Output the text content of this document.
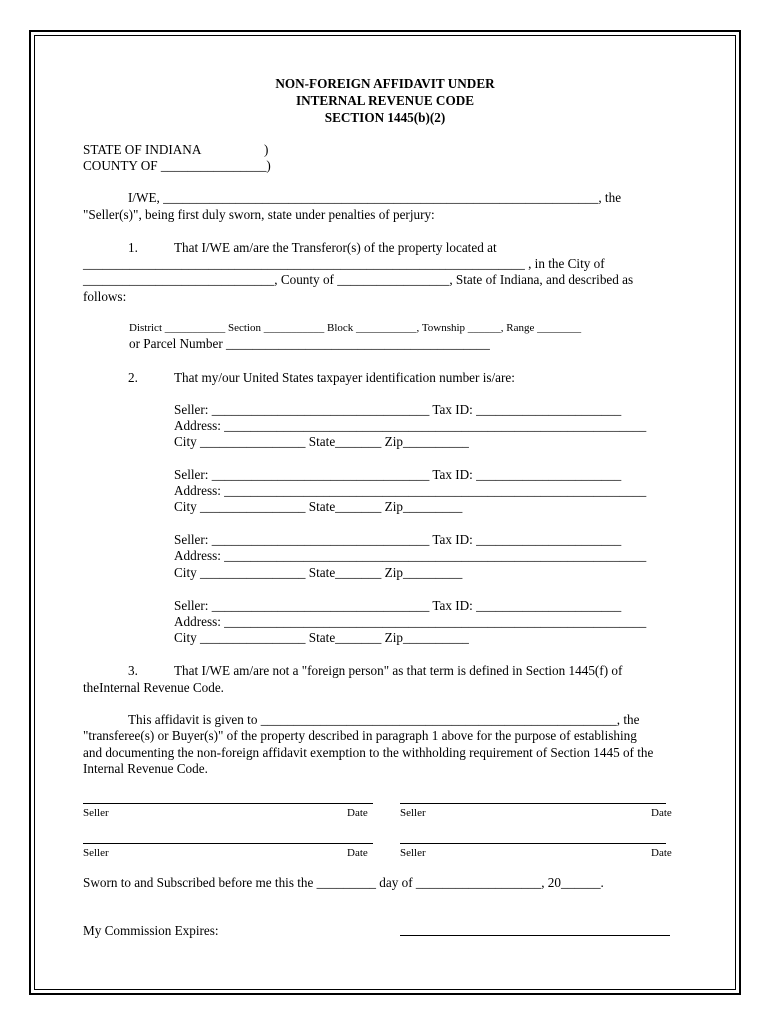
NON-FOREIGN AFFIDAVIT UNDER
INTERNAL REVENUE CODE
SECTION 1445(b)(2)
STATE OF INDIANA	)
COUNTY OF ________________)
I/WE, __________________________________________________________________, the
"Seller(s)", being first duly sworn, state under penalties of perjury:
1.	That I/WE am/are the Transferor(s) of the property located at
___________________________________________________________________ , in the City of
_____________________________, County of _________________, State of Indiana, and described as
follows:
District ___________ Section ___________ Block ___________, Township ______, Range ________
or Parcel Number ________________________________________
2.	That my/our United States taxpayer identification number is/are:
Seller: _________________________________ Tax ID: ______________________
Address: ________________________________________________________________
City ________________ State_______ Zip__________
Seller: _________________________________ Tax ID: ______________________
Address: ________________________________________________________________
City ________________ State_______ Zip_________
Seller: _________________________________ Tax ID: ______________________
Address: ________________________________________________________________
City ________________ State_______ Zip_________
Seller: _________________________________ Tax ID: ______________________
Address: ________________________________________________________________
City ________________ State_______ Zip__________
3.	That I/WE am/are not a "foreign person" as that term is defined in Section 1445(f) of
theInternal Revenue Code.
This affidavit is given to ______________________________________________________, the
"transferee(s) or Buyer(s)" of the property described in paragraph 1 above for the purpose of establishing
and documenting the non-foreign affidavit exemption to the withholding requirement of Section 1445 of the
Internal Revenue Code.
Seller	Date	Seller	Date
Seller	Date	Seller	Date
Sworn to and Subscribed before me this the _________ day of ___________________, 20______.
My Commission Expires:
